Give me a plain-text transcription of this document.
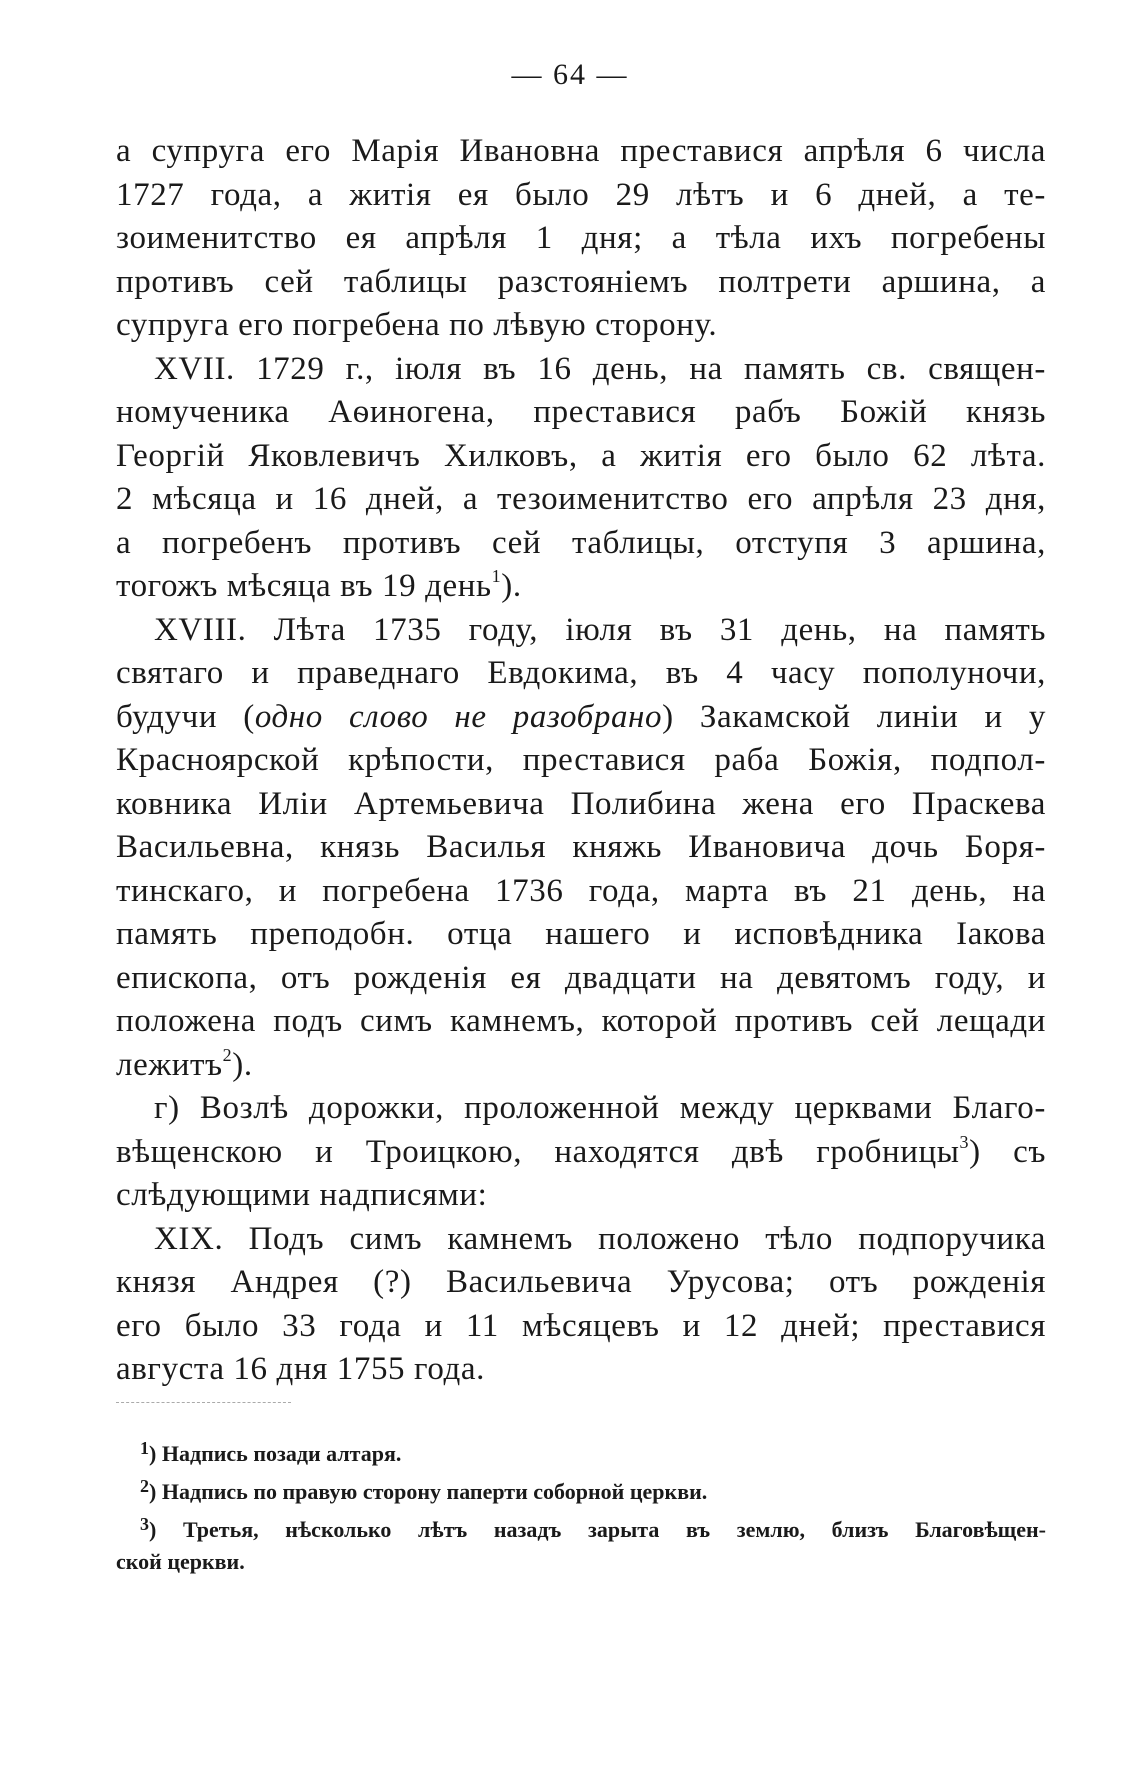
— 64 —
а супруга его Марія Ивановна преставися апрѣля 6 числа
1727 года, а житія ея было 29 лѣтъ и 6 дней, а те-
зоименитство ея апрѣля 1 дня; а тѣла ихъ погребены
противъ сей таблицы разстояніемъ полтрети аршина, а
супруга его погребена по лѣвую сторону.
XVII. 1729 г., іюля въ 16 день, на память св. священ-
номученика Аѳиногена, преставися рабъ Божій князь
Георгій Яковлевичъ Хилковъ, а житія его было 62 лѣта.
2 мѣсяца и 16 дней, а тезоименитство его апрѣля 23 дня,
а погребенъ противъ сей таблицы, отступя 3 аршина,
тогожъ мѣсяца въ 19 день$^1$).
XVIII. Лѣта 1735 году, іюля въ 31 день, на память
святаго и праведнаго Евдокима, въ 4 часу пополуночи,
будучи (одно слово не разобрано) Закамской линіи и у
Красноярской крѣпости, преставися раба Божія, подпол-
ковника Иліи Артемьевича Полибина жена его Праскева
Васильевна, князь Василья княжь Ивановича дочь Боря-
тинскаго, и погребена 1736 года, марта въ 21 день, на
память преподобн. отца нашего и исповѣдника Іакова
епископа, отъ рожденія ея двадцати на девятомъ году, и
положена подъ симъ камнемъ, которой противъ сей лещади
лежитъ$^2$).
г) Возлѣ дорожки, проложенной между церквами Благо-
вѣщенскою и Троицкою, находятся двѣ гробницы$^3$) съ
слѣдующими надписями:
XIX. Подъ симъ камнемъ положено тѣло подпоручика
князя Андрея (?) Васильевича Урусова; отъ рожденія
его было 33 года и 11 мѣсяцевъ и 12 дней; преставися
августа 16 дня 1755 года.
$^1$) Надпись позади алтаря.
$^2$) Надпись по правую сторону паперти соборной церкви.
$^3$) Третья, нѣсколько лѣтъ назадъ зарыта въ землю, близъ Благовѣщен-
ской церкви.
